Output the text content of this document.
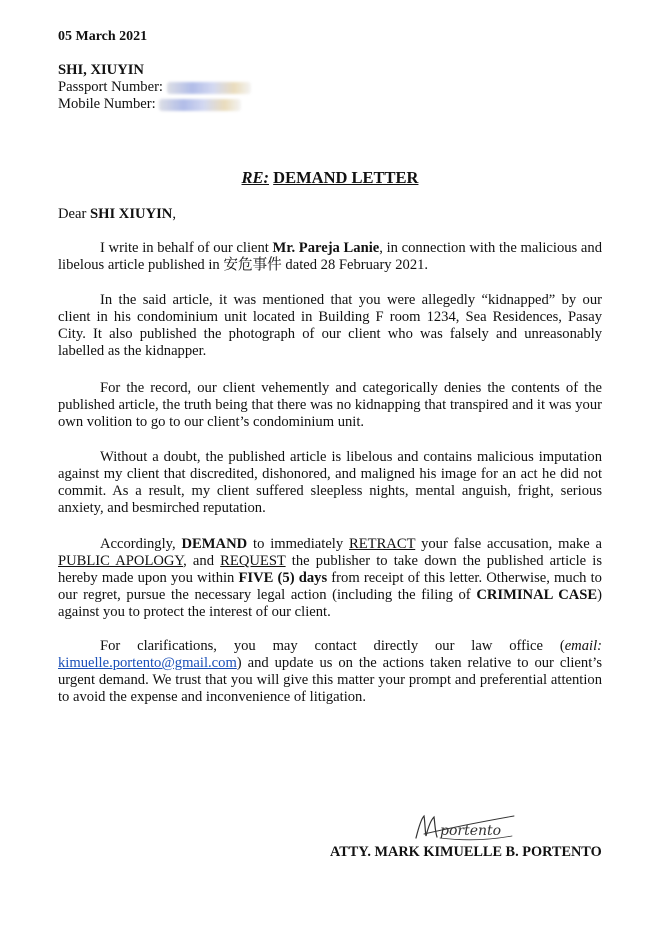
05 March 2021
SHI, XIUYIN
Passport Number:
Mobile Number:
RE: DEMAND LETTER
Dear SHI XIUYIN,

I write in behalf of our client Mr. Pareja Lanie, in connection with the malicious and libelous article published in 安危事件 dated 28 February 2021.

In the said article, it was mentioned that you were allegedly “kidnapped” by our client in his condominium unit located in Building F room 1234, Sea Residences, Pasay City. It also published the photograph of our client who was falsely and unreasonably labelled as the kidnapper.

For the record, our client vehemently and categorically denies the contents of the published article, the truth being that there was no kidnapping that transpired and it was your own volition to go to our client’s condominium unit.

Without a doubt, the published article is libelous and contains malicious imputation against my client that discredited, dishonored, and maligned his image for an act he did not commit. As a result, my client suffered sleepless nights, mental anguish, fright, serious anxiety, and besmirched reputation.

Accordingly, DEMAND to immediately RETRACT your false accusation, make a PUBLIC APOLOGY, and REQUEST the publisher to take down the published article is hereby made upon you within FIVE (5) days from receipt of this letter. Otherwise, much to our regret, pursue the necessary legal action (including the filing of CRIMINAL CASE) against you to protect the interest of our client.

For clarifications, you may contact directly our law office (email: kimuelle.portento@gmail.com) and update us on the actions taken relative to our client’s urgent demand. We trust that you will give this matter your prompt and preferential attention to avoid the expense and inconvenience of litigation.

portento
ATTY. MARK KIMUELLE B. PORTENTO
